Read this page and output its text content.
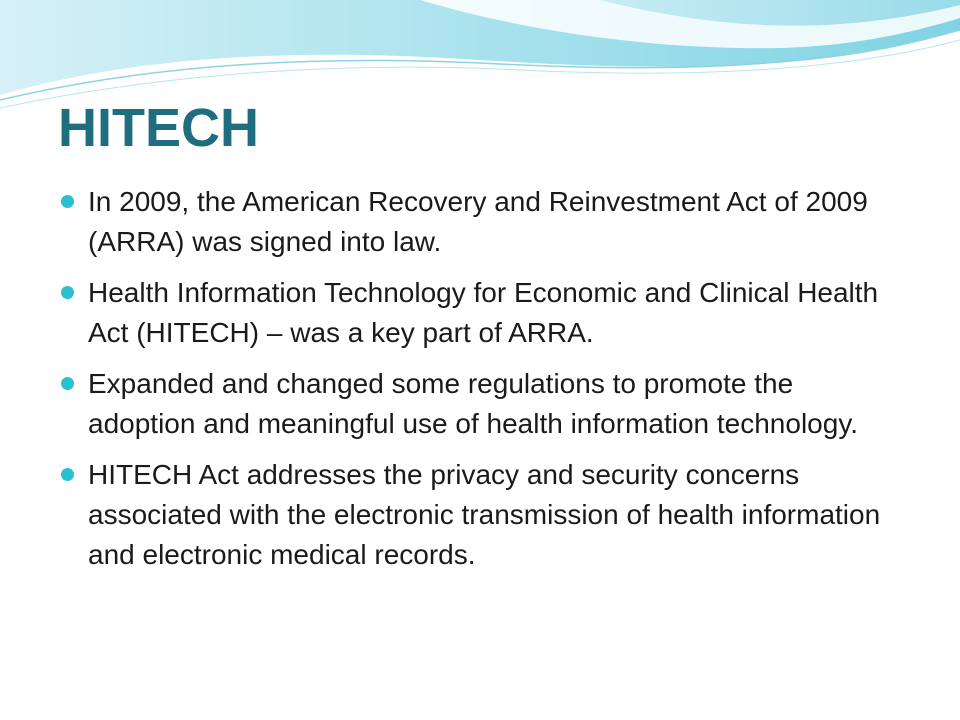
HITECH
In 2009, the American Recovery and Reinvestment Act of 2009 (ARRA) was signed into law.
Health Information Technology for Economic and Clinical Health Act (HITECH) – was a key part of ARRA.
Expanded and changed some regulations to promote the adoption and meaningful use of health information technology.
HITECH Act addresses the privacy and security concerns associated with the electronic transmission of health information and electronic medical records.
